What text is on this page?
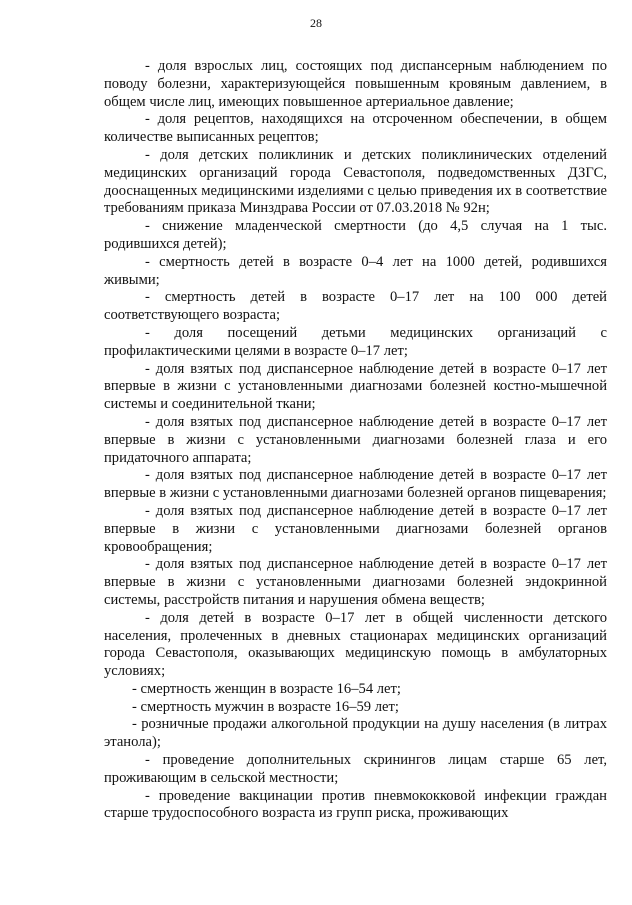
28

- доля взрослых лиц, состоящих под диспансерным наблюдением по поводу болезни, характеризующейся повышенным кровяным давлением, в общем числе лиц, имеющих повышенное артериальное давление;

- доля рецептов, находящихся на отсроченном обеспечении, в общем количестве выписанных рецептов;

- доля детских поликлиник и детских поликлинических отделений медицинских организаций города Севастополя, подведомственных ДЗГС, дооснащенных медицинскими изделиями с целью приведения их в соответствие требованиям приказа Минздрава России от 07.03.2018 № 92н;

- снижение младенческой смертности (до 4,5 случая на 1 тыс. родившихся детей);

- смертность детей в возрасте 0–4 лет на 1000 детей, родившихся живыми;

- смертность детей в возрасте 0–17 лет на 100 000 детей соответствующего возраста;

- доля посещений детьми медицинских организаций с профилактическими целями в возрасте 0–17 лет;

- доля взятых под диспансерное наблюдение детей в возрасте 0–17 лет впервые в жизни с установленными диагнозами болезней костно-мышечной системы и соединительной ткани;

- доля взятых под диспансерное наблюдение детей в возрасте 0–17 лет впервые в жизни с установленными диагнозами болезней глаза и его придаточного аппарата;

- доля взятых под диспансерное наблюдение детей в возрасте 0–17 лет впервые в жизни с установленными диагнозами болезней органов пищеварения;

- доля взятых под диспансерное наблюдение детей в возрасте 0–17 лет впервые в жизни с установленными диагнозами болезней органов кровообращения;

- доля взятых под диспансерное наблюдение детей в возрасте 0–17 лет впервые в жизни с установленными диагнозами болезней эндокринной системы, расстройств питания и нарушения обмена веществ;

- доля детей в возрасте 0–17 лет в общей численности детского населения, пролеченных в дневных стационарах медицинских организаций города Севастополя, оказывающих медицинскую помощь в амбулаторных условиях;

- смертность женщин в возрасте 16–54 лет;

- смертность мужчин в возрасте 16–59 лет;

- розничные продажи алкогольной продукции на душу населения (в литрах этанола);

- проведение дополнительных скринингов лицам старше 65 лет, проживающим в сельской местности;

- проведение вакцинации против пневмококковой инфекции граждан старше трудоспособного возраста из групп риска, проживающих
